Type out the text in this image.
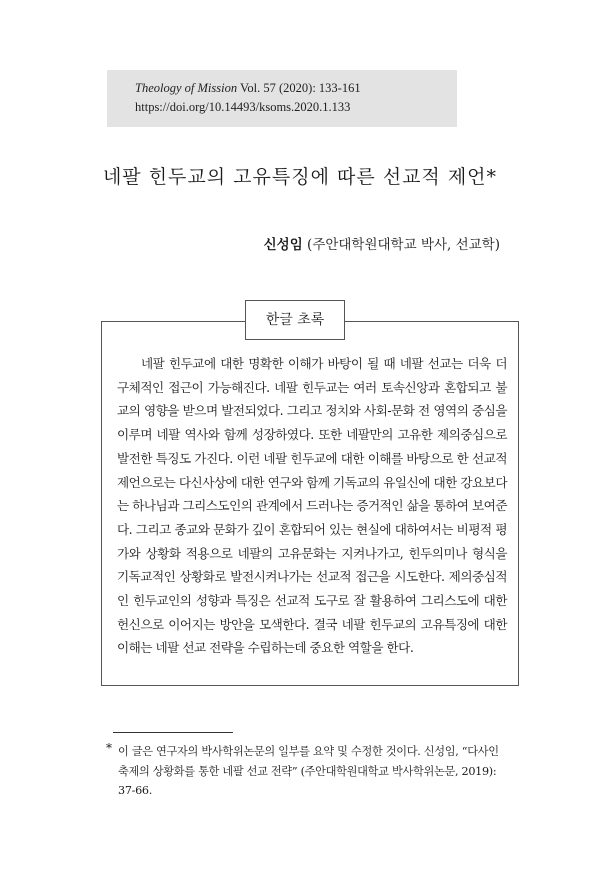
Theology of Mission Vol. 57 (2020): 133-161
https://doi.org/10.14493/ksoms.2020.1.133
네팔 힌두교의 고유특징에 따른 선교적 제언*
신성임 (주안대학원대학교 박사, 선교학)
한글 초록

네팔 힌두교에 대한 명확한 이해가 바탕이 될 때 네팔 선교는 더욱 더 구체적인 접근이 가능해진다. 네팔 힌두교는 여러 토속신앙과 혼합되고 불교의 영향을 받으며 발전되었다. 그리고 정치와 사회-문화 전 영역의 중심을 이루며 네팔 역사와 함께 성장하였다. 또한 네팔만의 고유한 제의중심으로 발전한 특징도 가진다. 이런 네팔 힌두교에 대한 이해를 바탕으로 한 선교적 제언으로는 다신사상에 대한 연구와 함께 기독교의 유일신에 대한 강요보다는 하나님과 그리스도인의 관계에서 드러나는 증거적인 삶을 통하여 보여준다. 그리고 종교와 문화가 깊이 혼합되어 있는 현실에 대하여서는 비평적 평가와 상황화 적용으로 네팔의 고유문화는 지켜나가고, 힌두의미나 형식을 기독교적인 상황화로 발전시켜나가는 선교적 접근을 시도한다. 제의중심적인 힌두교인의 성향과 특징은 선교적 도구로 잘 활용하여 그리스도에 대한 헌신으로 이어지는 방안을 모색한다. 결국 네팔 힌두교의 고유특징에 대한 이해는 네팔 선교 전략을 수립하는데 중요한 역할을 한다.

* 이 글은 연구자의 박사학위논문의 일부를 요약 및 수정한 것이다. 신성임, “다사인 축제의 상황화를 통한 네팔 선교 전략” (주안대학원대학교 박사학위논문, 2019): 37-66.
